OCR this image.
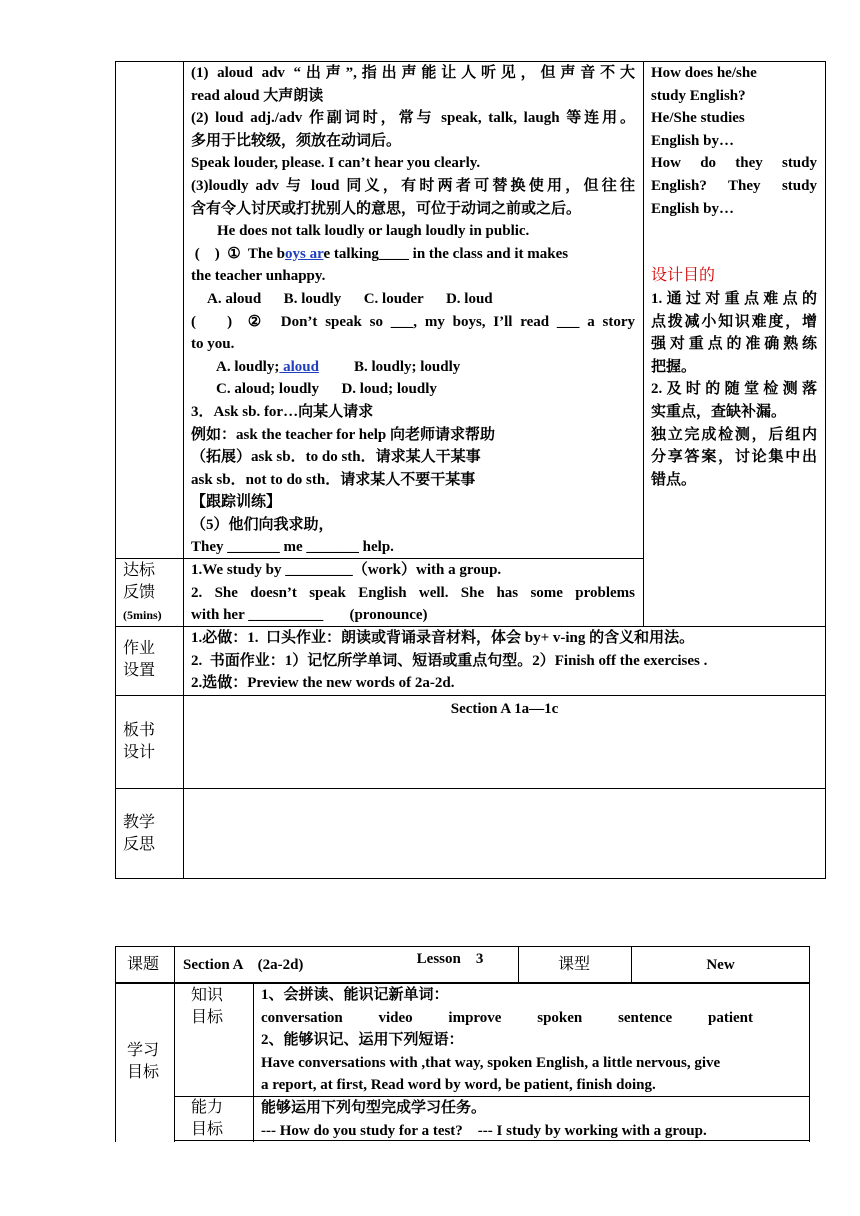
(1) aloud adv “出声”,指出声能让人听见，但声音不大

read aloud 大声朗读

(2) loud adj./adv 作副词时，常与 speak, talk, laugh 等连用。

多用于比较级，须放在动词后。

Speak louder, please. I can’t hear you clearly.

(3)loudly adv 与 loud 同义，有时两者可替换使用，但往往

含有令人讨厌或打扰别人的意思，可位于动词之前或之后。

He does not talk loudly or laugh loudly in public.

(    )  ①  The boys are talking____ in the class and it makes

the teacher unhappy.

A. aloud      B. loudly      C. louder      D. loud

(    )  ②  Don’t speak so ___, my boys, I’ll read ___ a story

to you.

A. loudly; aloud B. loudly; loudly

C. aloud; loudly      D. loud; loudly

3．Ask sb. for…向某人请求

例如：ask the teacher for help 向老师请求帮助

（拓展）ask sb．to do sth．请求某人干某事

ask sb．not to do sth．请求某人不要干某事

【跟踪训练】

（5）他们向我求助，

They _______ me _______ help.

How does he/she

study English?

He/She studies

English by…

How do they study

English? They study

English by…

设计目的

1.通过对重点难点的

点拨减小知识难度，增

强对重点的准确熟练

把握。

2.及时的随堂检测落

实重点，查缺补漏。

独立完成检测，后组内

分享答案，讨论集中出

错点。

达标

反馈

(5mins)

1.We study by _________（work）with a group.

2. She doesn’t speak English well. She has some problems

with her __________       (pronounce)

作业

设置

1.必做：1.  口头作业：朗读或背诵录音材料，体会 by+ v-ing 的含义和用法。

2.  书面作业：1）记忆所学单词、短语或重点句型。2）Finish off the exercises .

2.选做：Preview the new words of 2a-2d.

板书

设计

Section A 1a—1c

教学

反思

Lesson    3

课题 Section A    (2a-2d)	课型	New

学习

目标

知识

目标

1、会拼读、能识记新单词：

conversation video improve spoken sentence patient

2、能够识记、运用下列短语：

Have conversations with ,that way, spoken English, a little nervous, give

a report, at first, Read word by word, be patient, finish doing.

能力

目标

能够运用下列句型完成学习任务。

--- How do you study for a test?    --- I study by working with a group.
